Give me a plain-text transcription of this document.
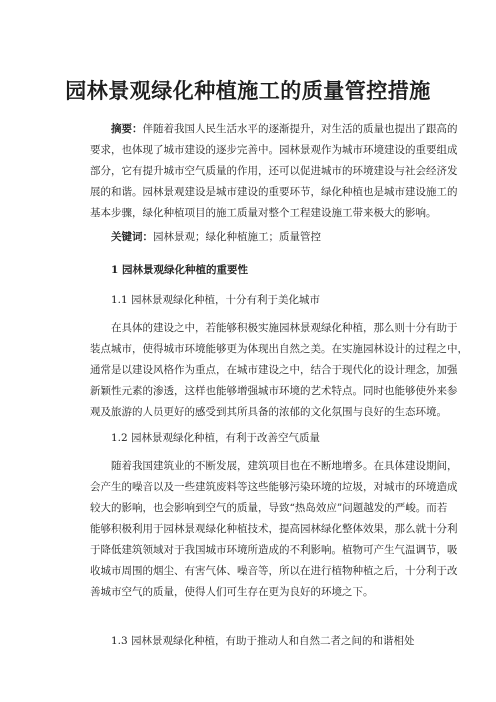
园林景观绿化种植施工的质量管控措施
摘要：伴随着我国人民生活水平的逐渐提升，对生活的质量也提出了跟高的
要求，也体现了城市建设的逐步完善中。园林景观作为城市环境建设的重要组成
部分，它有提升城市空气质量的作用，还可以促进城市的环境建设与社会经济发
展的和谐。园林景观建设是城市建设的重要环节，绿化种植也是城市建设施工的
基本步骤，绿化种植项目的施工质量对整个工程建设施工带来极大的影响。
关键词：园林景观；绿化种植施工；质量管控
1 园林景观绿化种植的重要性
1.1 园林景观绿化种植，十分有利于美化城市
在具体的建设之中，若能够积极实施园林景观绿化种植，那么则十分有助于
装点城市，使得城市环境能够更为体现出自然之美。在实施园林设计的过程之中，
通常是以建设风格作为重点，在城市建设之中，结合于现代化的设计理念，加强
新颖性元素的渗透，这样也能够增强城市环境的艺术特点。同时也能够使外来参
观及旅游的人员更好的感受到其所具备的浓郁的文化氛围与良好的生态环境。
1.2 园林景观绿化种植，有利于改善空气质量
随着我国建筑业的不断发展，建筑项目也在不断地增多。在具体建设期间，
会产生的噪音以及一些建筑废料等这些能够污染环境的垃圾，对城市的环境造成
较大的影响，也会影响到空气的质量，导致“热岛效应”问题越发的严峻。而若
能够积极利用于园林景观绿化种植技术，提高园林绿化整体效果，那么就十分利
于降低建筑领域对于我国城市环境所造成的不利影响。植物可产生气温调节，吸
收城市周围的烟尘、有害气体、噪音等，所以在进行植物种植之后，十分利于改
善城市空气的质量，使得人们可生存在更为良好的环境之下。
1.3 园林景观绿化种植，有助于推动人和自然二者之间的和谐相处
